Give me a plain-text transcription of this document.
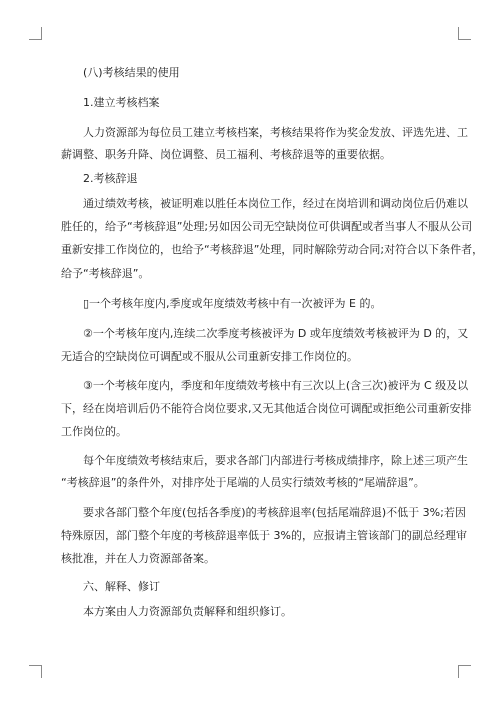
(八)考核结果的使用
1.建立考核档案
人力资源部为每位员工建立考核档案，考核结果将作为奖金发放、评选先进、工
薪调整、职务升降、岗位调整、员工福利、考核辞退等的重要依据。
2.考核辞退
通过绩效考核，被证明难以胜任本岗位工作，经过在岗培训和调动岗位后仍难以
胜任的，给予“考核辞退”处理;另如因公司无空缺岗位可供调配或者当事人不服从公司
重新安排工作岗位的，也给予“考核辞退”处理，同时解除劳动合同;对符合以下条件者，
给予“考核辞退”。
▯一个考核年度内,季度或年度绩效考核中有一次被评为 E 的。
②一个考核年度内,连续二次季度考核被评为 D 或年度绩效考核被评为 D 的，又
无适合的空缺岗位可调配或不服从公司重新安排工作岗位的。
③一个考核年度内，季度和年度绩效考核中有三次以上(含三次)被评为 C 级及以
下，经在岗培训后仍不能符合岗位要求,又无其他适合岗位可调配或拒绝公司重新安排
工作岗位的。
每个年度绩效考核结束后，要求各部门内部进行考核成绩排序，除上述三项产生
“考核辞退”的条件外，对排序处于尾端的人员实行绩效考核的“尾端辞退”。
要求各部门整个年度(包括各季度)的考核辞退率(包括尾端辞退)不低于 3%;若因
特殊原因，部门整个年度的考核辞退率低于 3%的，应报请主管该部门的副总经理审
核批准，并在人力资源部备案。
六、解释、修订
本方案由人力资源部负责解释和组织修订。
